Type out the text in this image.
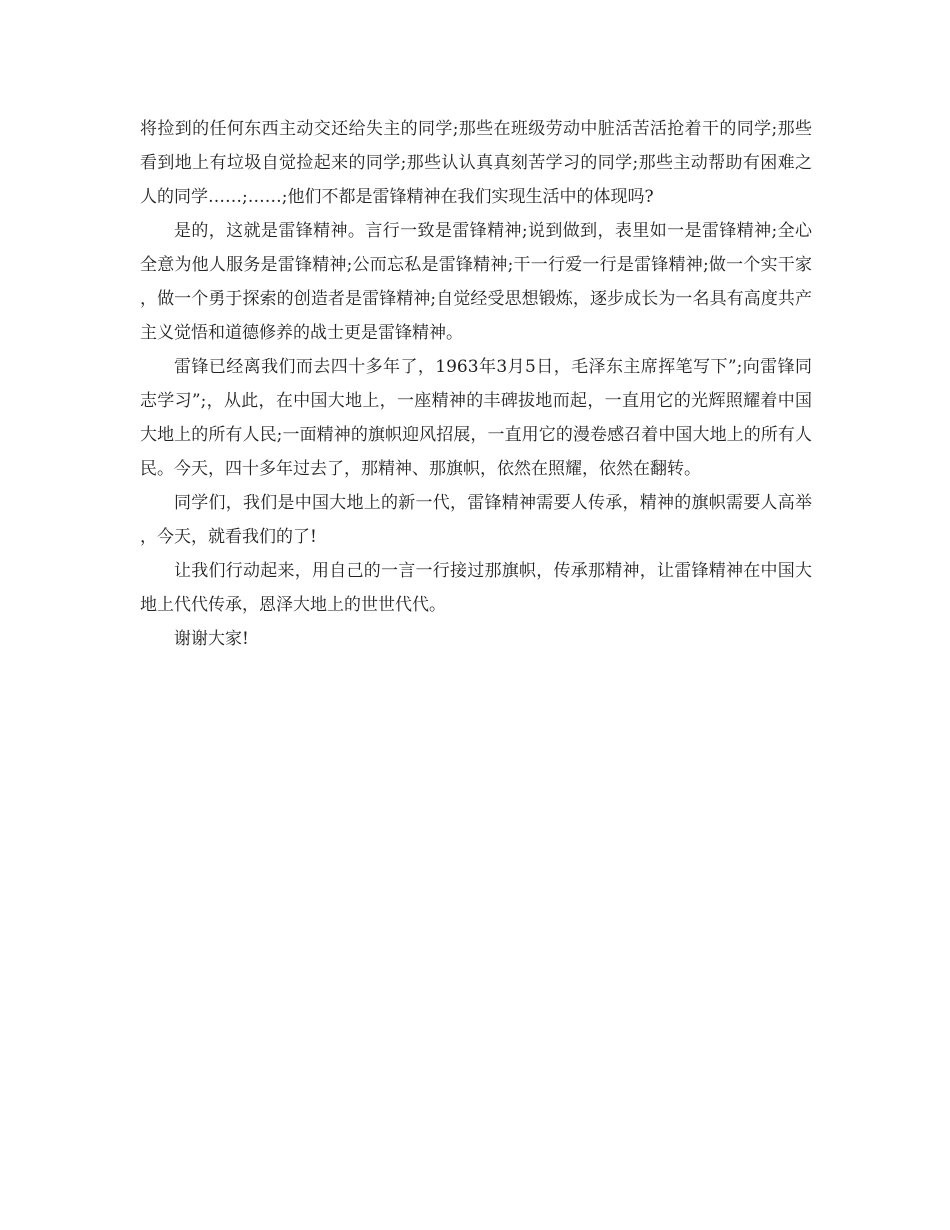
将捡到的任何东西主动交还给失主的同学;那些在班级劳动中脏活苦活抢着干的同学;那些看到地上有垃圾自觉捡起来的同学;那些认认真真刻苦学习的同学;那些主动帮助有困难之人的同学……;……;他们不都是雷锋精神在我们实现生活中的体现吗?

是的，这就是雷锋精神。言行一致是雷锋精神;说到做到，表里如一是雷锋精神;全心全意为他人服务是雷锋精神;公而忘私是雷锋精神;干一行爱一行是雷锋精神;做一个实干家，做一个勇于探索的创造者是雷锋精神;自觉经受思想锻炼，逐步成长为一名具有高度共产主义觉悟和道德修养的战士更是雷锋精神。

雷锋已经离我们而去四十多年了，1963年3月5日，毛泽东主席挥笔写下”;向雷锋同志学习”;，从此，在中国大地上，一座精神的丰碑拔地而起，一直用它的光辉照耀着中国大地上的所有人民;一面精神的旗帜迎风招展，一直用它的漫卷感召着中国大地上的所有人民。今天，四十多年过去了，那精神、那旗帜，依然在照耀，依然在翻转。

同学们，我们是中国大地上的新一代，雷锋精神需要人传承，精神的旗帜需要人高举，今天，就看我们的了!

让我们行动起来，用自己的一言一行接过那旗帜，传承那精神，让雷锋精神在中国大地上代代传承，恩泽大地上的世世代代。

谢谢大家!
